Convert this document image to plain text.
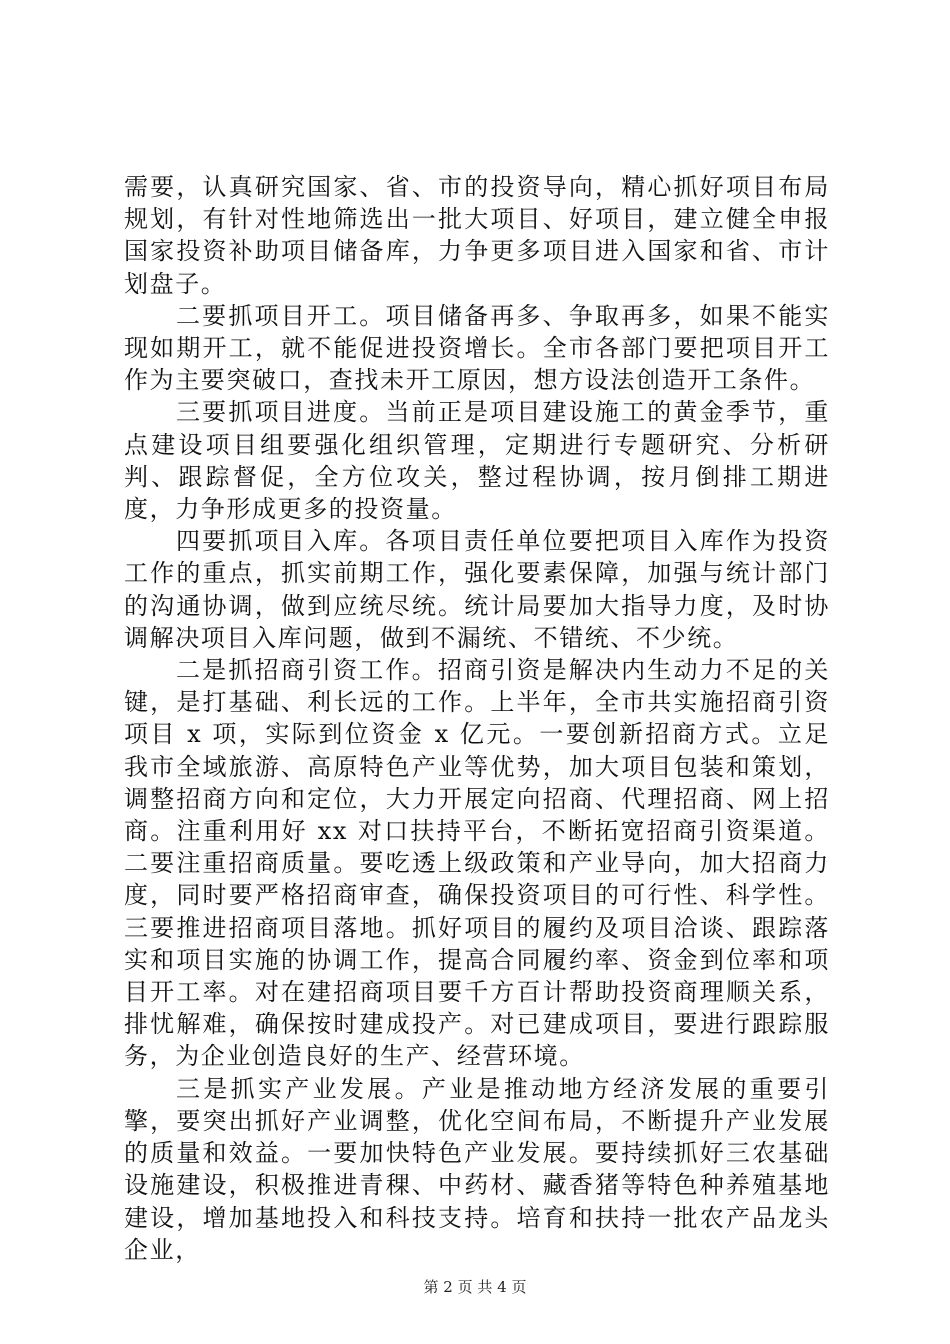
需要，认真研究国家、省、市的投资导向，精心抓好项目布局规划，有针对性地筛选出一批大项目、好项目，建立健全申报国家投资补助项目储备库，力争更多项目进入国家和省、市计划盘子。

二要抓项目开工。项目储备再多、争取再多，如果不能实现如期开工，就不能促进投资增长。全市各部门要把项目开工作为主要突破口，查找未开工原因，想方设法创造开工条件。

三要抓项目进度。当前正是项目建设施工的黄金季节，重点建设项目组要强化组织管理，定期进行专题研究、分析研判、跟踪督促，全方位攻关，整过程协调，按月倒排工期进度，力争形成更多的投资量。

四要抓项目入库。各项目责任单位要把项目入库作为投资工作的重点，抓实前期工作，强化要素保障，加强与统计部门的沟通协调，做到应统尽统。统计局要加大指导力度，及时协调解决项目入库问题，做到不漏统、不错统、不少统。

二是抓招商引资工作。招商引资是解决内生动力不足的关键，是打基础、利长远的工作。上半年，全市共实施招商引资项目 x 项，实际到位资金 x 亿元。一要创新招商方式。立足我市全域旅游、高原特色产业等优势，加大项目包装和策划，调整招商方向和定位，大力开展定向招商、代理招商、网上招商。注重利用好 xx 对口扶持平台，不断拓宽招商引资渠道。二要注重招商质量。要吃透上级政策和产业导向，加大招商力度，同时要严格招商审查，确保投资项目的可行性、科学性。三要推进招商项目落地。抓好项目的履约及项目洽谈、跟踪落实和项目实施的协调工作，提高合同履约率、资金到位率和项目开工率。对在建招商项目要千方百计帮助投资商理顺关系，排忧解难，确保按时建成投产。对已建成项目，要进行跟踪服务，为企业创造良好的生产、经营环境。

三是抓实产业发展。产业是推动地方经济发展的重要引擎，要突出抓好产业调整，优化空间布局，不断提升产业发展的质量和效益。一要加快特色产业发展。要持续抓好三农基础设施建设，积极推进青稞、中药材、藏香猪等特色种养殖基地建设，增加基地投入和科技支持。培育和扶持一批农产品龙头企业，

第 2 页 共 4 页
